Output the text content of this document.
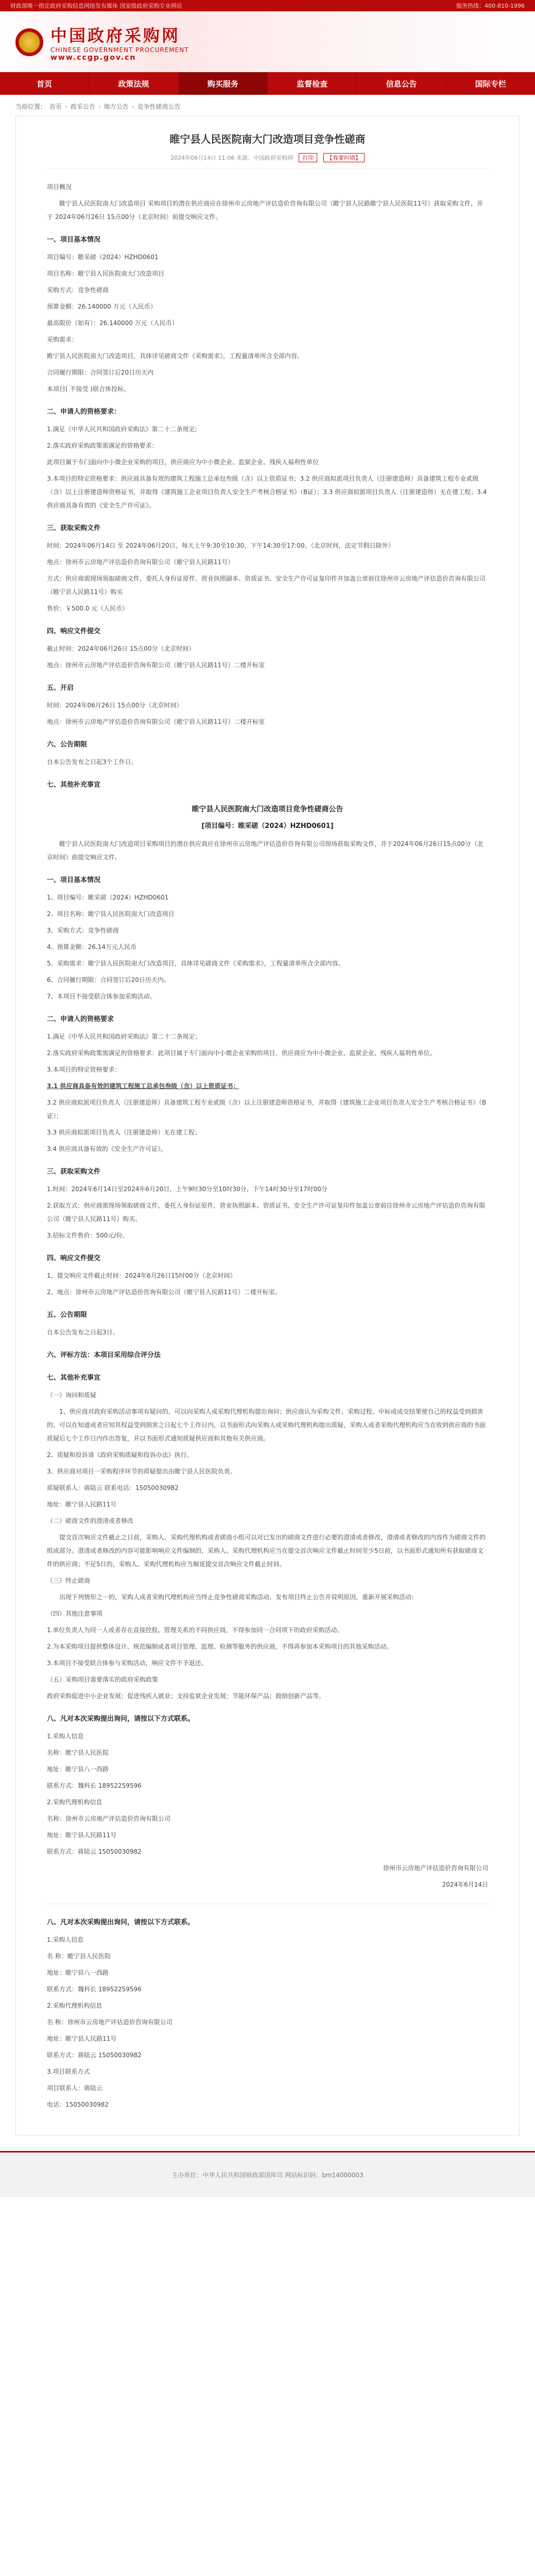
财政部唯一指定政府采购信息网络发布媒体 国家级政府采购专业网站	服务热线：400-810-1996
中国政府采购网
CHINESE GOVERNMENT PROCUREMENT
www.ccgp.gov.cn
首页	政策法规	购买服务	监督检查	信息公告	国际专栏
当前位置： 首页 › 政采公告 › 地方公告 › 竞争性磋商公告
睢宁县人民医院南大门改造项目竞争性磋商
2024年06月14日 11:06 来源：中国政府采购网 打印 【我要纠错】

项目概况

睢宁县人民医院南大门改造项目 采购项目的潜在供应商应在徐州市云房地产评估造价咨询有限公司（睢宁县人民路睢宁县人民医院11号）获取采购文件，并于 2024年06月26日 15点00分（北京时间）前提交响应文件。

一、项目基本情况

项目编号：睢采磋（2024）HZHD0601

项目名称：睢宁县人民医院南大门改造项目

采购方式：竞争性磋商

预算金额：26.140000 万元（人民币）

最高限价（如有）：26.140000 万元（人民币）

采购需求：

睢宁县人民医院南大门改造项目，具体详见磋商文件《采购需求》，工程量清单所含全部内容。

合同履行期限：合同签订后20日历天内

本项目( 不接受 )联合体投标。

二、申请人的资格要求：

1.满足《中华人民共和国政府采购法》第二十二条规定;

2.落实政府采购政策需满足的资格要求：

此项目属于专门面向中小微企业采购的项目，供应商应为中小微企业、监狱企业、残疾人福利性单位

3.本项目的特定资格要求：供应商具备有效的建筑工程施工总承包叁级（含）以上资质证书；3.2 供应商拟派项目负责人（注册建造师）具备建筑工程专业贰级（含）以上注册建造师资格证书，并取得《建筑施工企业项目负责人安全生产考核合格证书》（B证）；3.3 供应商拟派项目负责人（注册建造师）无在建工程；3.4 供应商具备有效的《安全生产许可证》。

三、获取采购文件

时间：2024年06月14日 至 2024年06月20日，每天上午9:30至10:30，下午14:30至17:00。（北京时间，法定节假日除外）

地点：徐州市云房地产评估造价咨询有限公司（睢宁县人民路11号）

方式：供应商需现场领取磋商文件，委托人身份证原件，营业执照副本、资质证书、安全生产许可证复印件并加盖公章前往徐州市云房地产评估造价咨询有限公司（睢宁县人民路11号）购买

售价：￥500.0 元（人民币）

四、响应文件提交

截止时间：2024年06月26日 15点00分（北京时间）

地点：徐州市云房地产评估造价咨询有限公司（睢宁县人民路11号）二楼开标室

五、开启

时间：2024年06月26日 15点00分（北京时间）

地点：徐州市云房地产评估造价咨询有限公司（睢宁县人民路11号）二楼开标室

六、公告期限

自本公告发布之日起3个工作日。

七、其他补充事宜
睢宁县人民医院南大门改造项目竞争性磋商公告
[项目编号：睢采磋（2024）HZHD0601]

睢宁县人民医院南大门改造项目采购项目的潜在供应商应在徐州市云房地产评估造价咨询有限公司现场获取采购文件，并于2024年06月26日15点00分（北京时间）前提交响应文件。

一、项目基本情况

1、项目编号：睢采磋（2024）HZHD0601

2、项目名称：睢宁县人民医院南大门改造项目

3、采购方式：竞争性磋商

4、预算金额：26.14万元人民币

5、采购需求：睢宁县人民医院南大门改造项目，具体详见磋商文件《采购需求》，工程量清单所含全部内容。

6、合同履行期限：合同签订后20日历天内。

7、本项目不接受联合体参加采购活动。

二、申请人的资格要求

1.满足《中华人民共和国政府采购法》第二十二条规定；

2.落实政府采购政策需满足的资格要求：此项目属于专门面向中小微企业采购的项目，供应商应为中小微企业、监狱企业、残疾人福利性单位。

3.本项目的特定资格要求：

3.1 供应商具备有效的建筑工程施工总承包叁级（含）以上资质证书；

3.2 供应商拟派项目负责人（注册建造师）具备建筑工程专业贰级（含）以上注册建造师资格证书，并取得《建筑施工企业项目负责人安全生产考核合格证书》（B证）；

3.3 供应商拟派项目负责人（注册建造师）无在建工程；

3.4 供应商具备有效的《安全生产许可证》。

三、获取采购文件

1.时间：2024年6月14日至2024年6月20日，上午9时30分至10时30分，下午14时30分至17时00分

2.获取方式：供应商需现场领取磋商文件，委托人身份证原件，营业执照副本、资质证书、安全生产许可证复印件加盖公章前往徐州市云房地产评估造价咨询有限公司（睢宁县人民路11号）购买。

3.招标文件售价：500元/份。

四、响应文件提交

1、提交响应文件截止时间：2024年6月26日15时00分（北京时间）

2、地点：徐州市云房地产评估造价咨询有限公司（睢宁县人民路11号）二楼开标室。

五、公告期限

自本公告发布之日起3日。

六、评标方法：本项目采用综合评分法
七、其他补充事宜

（一）询问和质疑

1、供应商对政府采购活动事项有疑问的，可以向采购人或采购代理机构提出询问；供应商认为采购文件、采购过程、中标或成交结果使自己的权益受到损害的，可以在知道或者应知其权益受到损害之日起七个工作日内，以书面形式向采购人或采购代理机构提出质疑，采购人或者采购代理机构应当在收到供应商的书面质疑后七个工作日内作出答复，并以书面形式通知质疑供应商和其他有关供应商。

2、质疑和投诉请《政府采购质疑和投诉办法》执行。

3、供应商对项目一采购程序环节的质疑提出由睢宁县人民医院负责。

质疑联系人：蒋陆云 联系电话：15050030982

地址：睢宁县人民路11号

（二）磋商文件的澄清或者修改

提交首次响应文件截止之日前，采购人、采购代理机构或者磋商小组可以对已发出的磋商文件进行必要的澄清或者修改，澄清或者修改的内容作为磋商文件的组成部分。澄清或者修改的内容可能影响响应文件编制的，采购人、采购代理机构应当在提交首次响应文件截止时间至少5日前，以书面形式通知所有获取磋商文件的供应商；不足5日的，采购人、采购代理机构应当顺延提交首次响应文件截止时间。

（三）终止磋商

出现下列情形之一的，采购人或者采购代理机构应当终止竞争性磋商采购活动，发布项目终止公告并说明原因，重新开展采购活动：

（四）其他注意事项

1.单位负责人为同一人或者存在直接控股、管理关系的不同供应商，不得参加同一合同项下的政府采购活动。

2.为本采购项目提供整体设计、规范编制或者项目管理、监理、检测等服务的供应商，不得再参加本采购项目的其他采购活动。

3.本项目不接受联合体参与采购活动，响应文件不予退还。

（五）采购项目需要落实的政府采购政策

政府采购促进中小企业发展；促进残疾人就业；支持监狱企业发展；节能环保产品；鼓励创新产品等。

八、凡对本次采购提出询问，请按以下方式联系。

1.采购人信息

名称：睢宁县人民医院

地址：睢宁县八一西路

联系方式：魏科长 18952259596

2.采购代理机构信息

名称：徐州市云房地产评估造价咨询有限公司

地址：睢宁县人民路11号

联系方式：蒋陆云 15050030982

徐州市云房地产评估造价咨询有限公司

2024年6月14日

八、凡对本次采购提出询问，请按以下方式联系。

1.采购人信息

名 称：睢宁县人民医院

地址：睢宁县八一西路

联系方式：魏科长 18952259596

2.采购代理机构信息

名 称：徐州市云房地产评估造价咨询有限公司

地址：睢宁县人民路11号

联系方式：蒋陆云 15050030982

3.项目联系方式

项目联系人：蒋陆云

电话：15050030982

主办单位：中华人民共和国财政部国库司 网站标识码：bm14000003
